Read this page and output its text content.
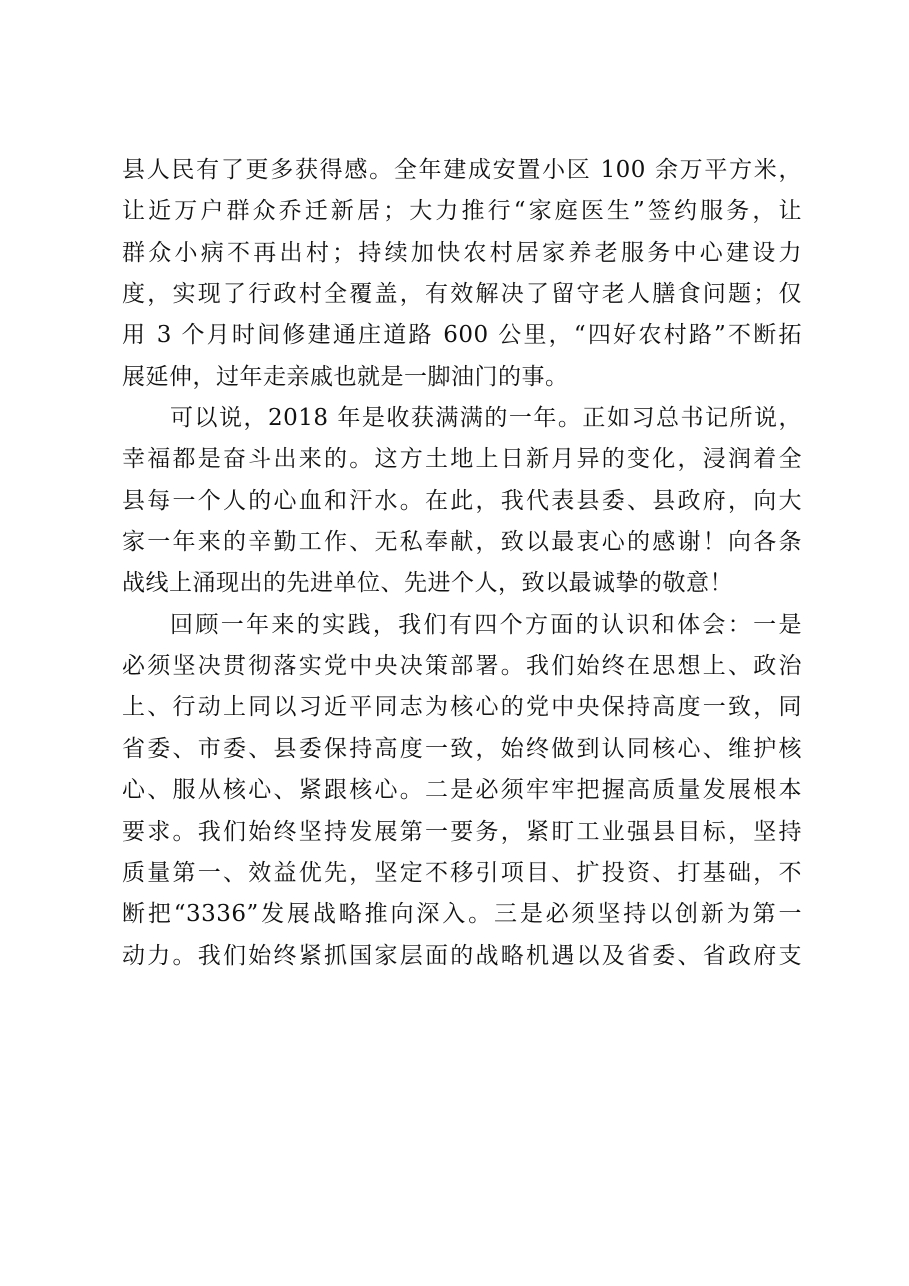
县人民有了更多获得感。全年建成安置小区 100 余万平方米，
让近万户群众乔迁新居；大力推行“家庭医生”签约服务，让
群众小病不再出村；持续加快农村居家养老服务中心建设力
度，实现了行政村全覆盖，有效解决了留守老人膳食问题；仅
用 3 个月时间修建通庄道路 600 公里，“四好农村路”不断拓
展延伸，过年走亲戚也就是一脚油门的事。
可以说，2018 年是收获满满的一年。正如习总书记所说，
幸福都是奋斗出来的。这方土地上日新月异的变化，浸润着全
县每一个人的心血和汗水。在此，我代表县委、县政府，向大
家一年来的辛勤工作、无私奉献，致以最衷心的感谢！向各条
战线上涌现出的先进单位、先进个人，致以最诚挚的敬意！
回顾一年来的实践，我们有四个方面的认识和体会：一是
必须坚决贯彻落实党中央决策部署。我们始终在思想上、政治
上、行动上同以习近平同志为核心的党中央保持高度一致，同
省委、市委、县委保持高度一致，始终做到认同核心、维护核
心、服从核心、紧跟核心。二是必须牢牢把握高质量发展根本
要求。我们始终坚持发展第一要务，紧盯工业强县目标，坚持
质量第一、效益优先，坚定不移引项目、扩投资、打基础，不
断把“3336”发展战略推向深入。三是必须坚持以创新为第一
动力。我们始终紧抓国家层面的战略机遇以及省委、省政府支
